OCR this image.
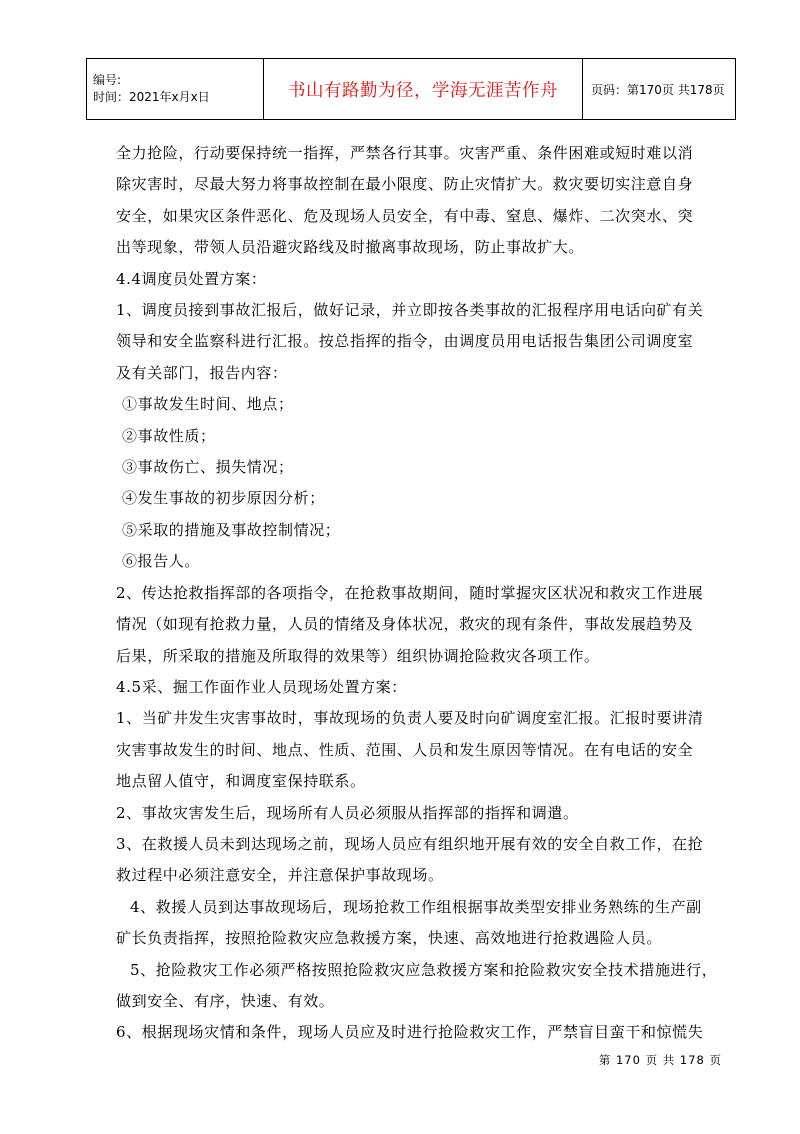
编号:
时间：2021年x月x日	书山有路勤为径，学海无涯苦作舟	页码：第170页 共178页

全力抢险，行动要保持统一指挥，严禁各行其事。灾害严重、条件困难或短时难以消

除灾害时，尽最大努力将事故控制在最小限度、防止灾情扩大。救灾要切实注意自身

安全，如果灾区条件恶化、危及现场人员安全，有中毒、窒息、爆炸、二次突水、突

出等现象，带领人员沿避灾路线及时撤离事故现场，防止事故扩大。

4.4调度员处置方案：

1、调度员接到事故汇报后，做好记录，并立即按各类事故的汇报程序用电话向矿有关

领导和安全监察科进行汇报。按总指挥的指令，由调度员用电话报告集团公司调度室

及有关部门，报告内容：

①事故发生时间、地点；

②事故性质；

③事故伤亡、损失情况；

④发生事故的初步原因分析；

⑤采取的措施及事故控制情况；

⑥报告人。

2、传达抢救指挥部的各项指令，在抢救事故期间，随时掌握灾区状况和救灾工作进展

情况（如现有抢救力量，人员的情绪及身体状况，救灾的现有条件，事故发展趋势及

后果，所采取的措施及所取得的效果等）组织协调抢险救灾各项工作。

4.5采、掘工作面作业人员现场处置方案：

1、当矿井发生灾害事故时，事故现场的负责人要及时向矿调度室汇报。汇报时要讲清

灾害事故发生的时间、地点、性质、范围、人员和发生原因等情况。在有电话的安全

地点留人值守，和调度室保持联系。

2、事故灾害发生后，现场所有人员必须服从指挥部的指挥和调遣。

3、在救援人员未到达现场之前，现场人员应有组织地开展有效的安全自救工作，在抢

救过程中必须注意安全，并注意保护事故现场。

4、救援人员到达事故现场后，现场抢救工作组根据事故类型安排业务熟练的生产副

矿长负责指挥，按照抢险救灾应急救援方案，快速、高效地进行抢救遇险人员。

5、抢险救灾工作必须严格按照抢险救灾应急救援方案和抢险救灾安全技术措施进行，

做到安全、有序，快速、有效。

6、根据现场灾情和条件，现场人员应及时进行抢险救灾工作，严禁盲目蛮干和惊慌失

第 170 页 共 178 页
